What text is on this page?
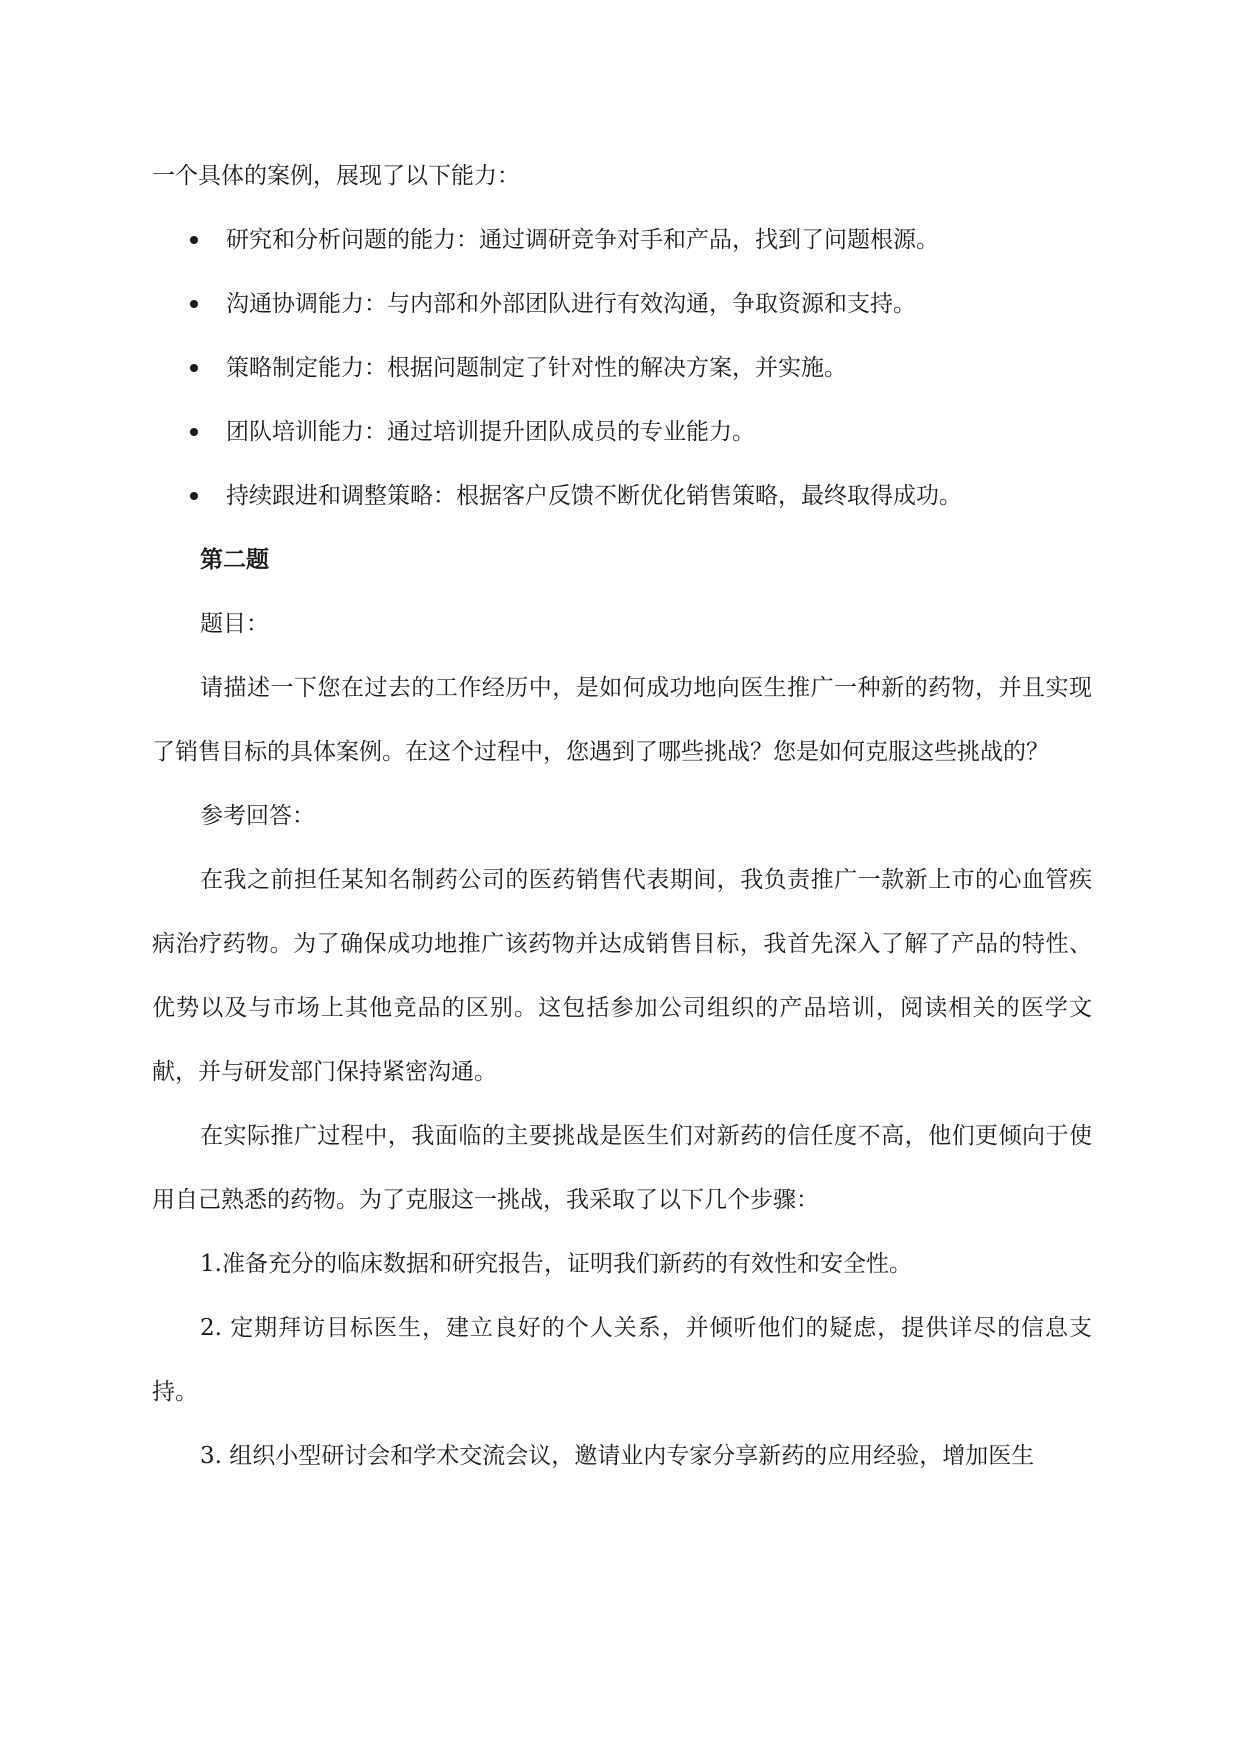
一个具体的案例，展现了以下能力：

研究和分析问题的能力：通过调研竞争对手和产品，找到了问题根源。
沟通协调能力：与内部和外部团队进行有效沟通，争取资源和支持。
策略制定能力：根据问题制定了针对性的解决方案，并实施。
团队培训能力：通过培训提升团队成员的专业能力。
持续跟进和调整策略：根据客户反馈不断优化销售策略，最终取得成功。

第二题

题目：

请描述一下您在过去的工作经历中，是如何成功地向医生推广一种新的药物，并且实现了销售目标的具体案例。在这个过程中，您遇到了哪些挑战？您是如何克服这些挑战的？

参考回答：

在我之前担任某知名制药公司的医药销售代表期间，我负责推广一款新上市的心血管疾病治疗药物。为了确保成功地推广该药物并达成销售目标，我首先深入了解了产品的特性、优势以及与市场上其他竞品的区别。这包括参加公司组织的产品培训，阅读相关的医学文献，并与研发部门保持紧密沟通。

在实际推广过程中，我面临的主要挑战是医生们对新药的信任度不高，他们更倾向于使用自己熟悉的药物。为了克服这一挑战，我采取了以下几个步骤：

1.准备充分的临床数据和研究报告，证明我们新药的有效性和安全性。

2. 定期拜访目标医生，建立良好的个人关系，并倾听他们的疑虑，提供详尽的信息支持。

3. 组织小型研讨会和学术交流会议，邀请业内专家分享新药的应用经验，增加医生
